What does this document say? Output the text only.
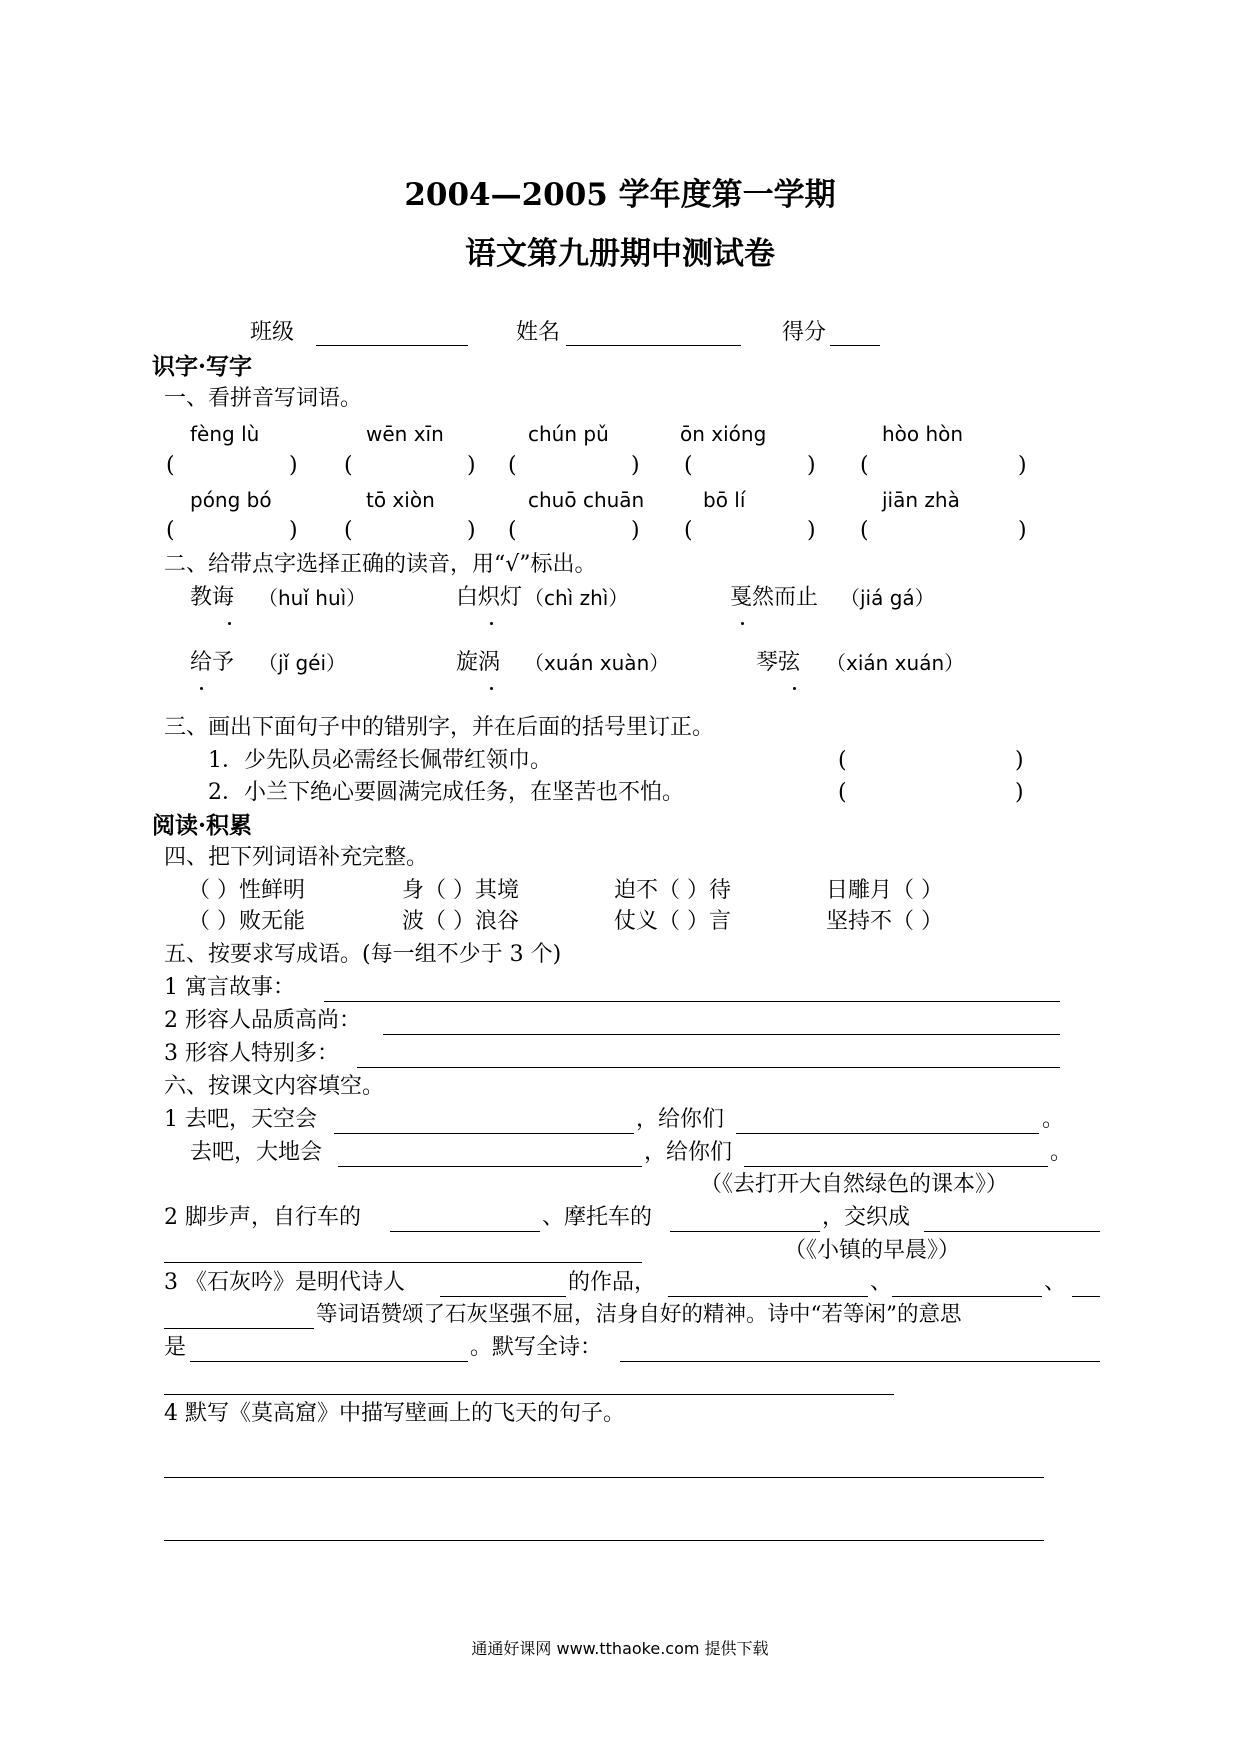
2004—2005 学年度第一学期
语文第九册期中测试卷
班级	姓名	得分
识字·写字
一、看拼音写词语。
fèng lù	wēn xīn	chún pǔ	ōn xióng	hòo hòn
(	) (	) (	) (	) (	)
póng bó	tō xiòn	chuō chuān	bō lí	jiān zhà
(	) (	) (	) (	) (	)
二、给带点字选择正确的读音，用“√”标出。
教诲 （huǐ huì）	白炽灯 （chì zhì）	戛然而止 （jiá gá）
给予 （jǐ géi）	旋涡 （xuán xuàn）	琴弦 （xián xuán）
三、画出下面句子中的错别字，并在后面的括号里订正。
1．少先队员必需经长佩带红领巾。	(	)
2．小兰下绝心要圆满完成任务，在坚苦也不怕。	(	)
阅读·积累
四、把下列词语补充完整。
（ ）性鲜明	身（ ）其境	迫不（ ）待	日雕月（ ）
（ ）败无能	波（ ）浪谷	仗义（ ）言	坚持不（ ）
五、按要求写成语。(每一组不少于 3 个)
1 寓言故事：
2 形容人品质高尚：
3 形容人特别多：
六、按课文内容填空。
1 去吧，天空会	，给你们	。
去吧，大地会	，给你们	。
（《去打开大自然绿色的课本》）
2 脚步声，自行车的	、摩托车的	，交织成
（《小镇的早晨》）
3 《石灰吟》是明代诗人	的作品，	、	、
等词语赞颂了石灰坚强不屈，洁身自好的精神。诗中“若等闲”的意思
是	。默写全诗：
4 默写《莫高窟》中描写壁画上的飞天的句子。
通通好课网 www.tthaoke.com 提供下载
